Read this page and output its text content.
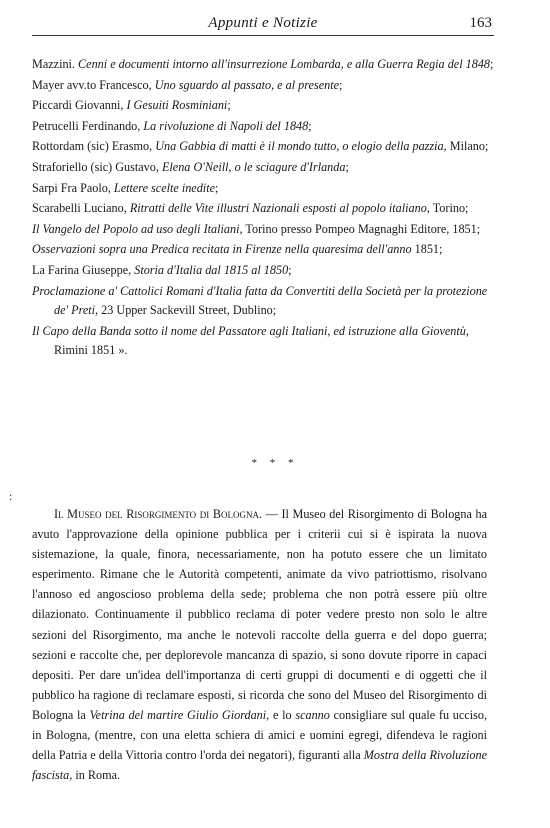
Appunti e Notizie	163
Mazzini. Cenni e documenti intorno all'insurrezione Lombarda, e alla Guerra Regia del 1848;
Mayer avv.to Francesco, Uno sguardo al passato, e al presente;
Piccardi Giovanni, I Gesuiti Rosminiani;
Petrucelli Ferdinando, La rivoluzione di Napoli del 1848;
Rottordam (sic) Erasmo, Una Gabbia di matti è il mondo tutto, o elogio della pazzia, Milano;
Straforiello (sic) Gustavo, Elena O'Neill, o le sciagure d'Irlanda;
Sarpi Fra Paolo, Lettere scelte inedite;
Scarabelli Luciano, Ritratti delle Vite illustri Nazionali esposti al popolo italiano, Torino;
Il Vangelo del Popolo ad uso degli Italiani, Torino presso Pompeo Magnaghi Editore, 1851;
Osservazioni sopra una Predica recitata in Firenze nella quaresima dell'anno 1851;
La Farina Giuseppe, Storia d'Italia dal 1815 al 1850;
Proclamazione a' Cattolici Romani d'Italia fatta da Convertiti della Società per la protezione de' Preti, 23 Upper Sackevill Street, Dublino;
Il Capo della Banda sotto il nome del Passatore agli Italiani, ed istruzione alla Gioventù, Rimini 1851 ».
* * *
:

Il Museo del Risorgimento di Bologna. — Il Museo del Risorgimento di Bologna ha avuto l'approvazione della opinione pubblica per i criterii cui si è ispirata la nuova sistemazione, la quale, finora, necessariamente, non ha potuto essere che un limitato esperimento. Rimane che le Autorità competenti, animate da vivo patriottismo, risolvano l'annoso ed angoscioso problema della sede; problema che non potrà essere più oltre dilazionato. Continuamente il pubblico reclama di poter vedere presto non solo le altre sezioni del Risorgimento, ma anche le notevoli raccolte della guerra e del dopo guerra; sezioni e raccolte che, per deplorevole mancanza di spazio, si sono dovute riporre in capaci depositi. Per dare un'idea dell'importanza di certi gruppi di documenti e di oggetti che il pubblico ha ragione di reclamare esposti, si ricorda che sono del Museo del Risorgimento di Bologna la Vetrina del martire Giulio Giordani, e lo scanno consigliare sul quale fu ucciso, in Bologna, (mentre, con una eletta schiera di amici e uomini egregi, difendeva le ragioni della Patria e della Vittoria contro l'orda dei negatori), figuranti alla Mostra della Rivoluzione fascista, in Roma.
